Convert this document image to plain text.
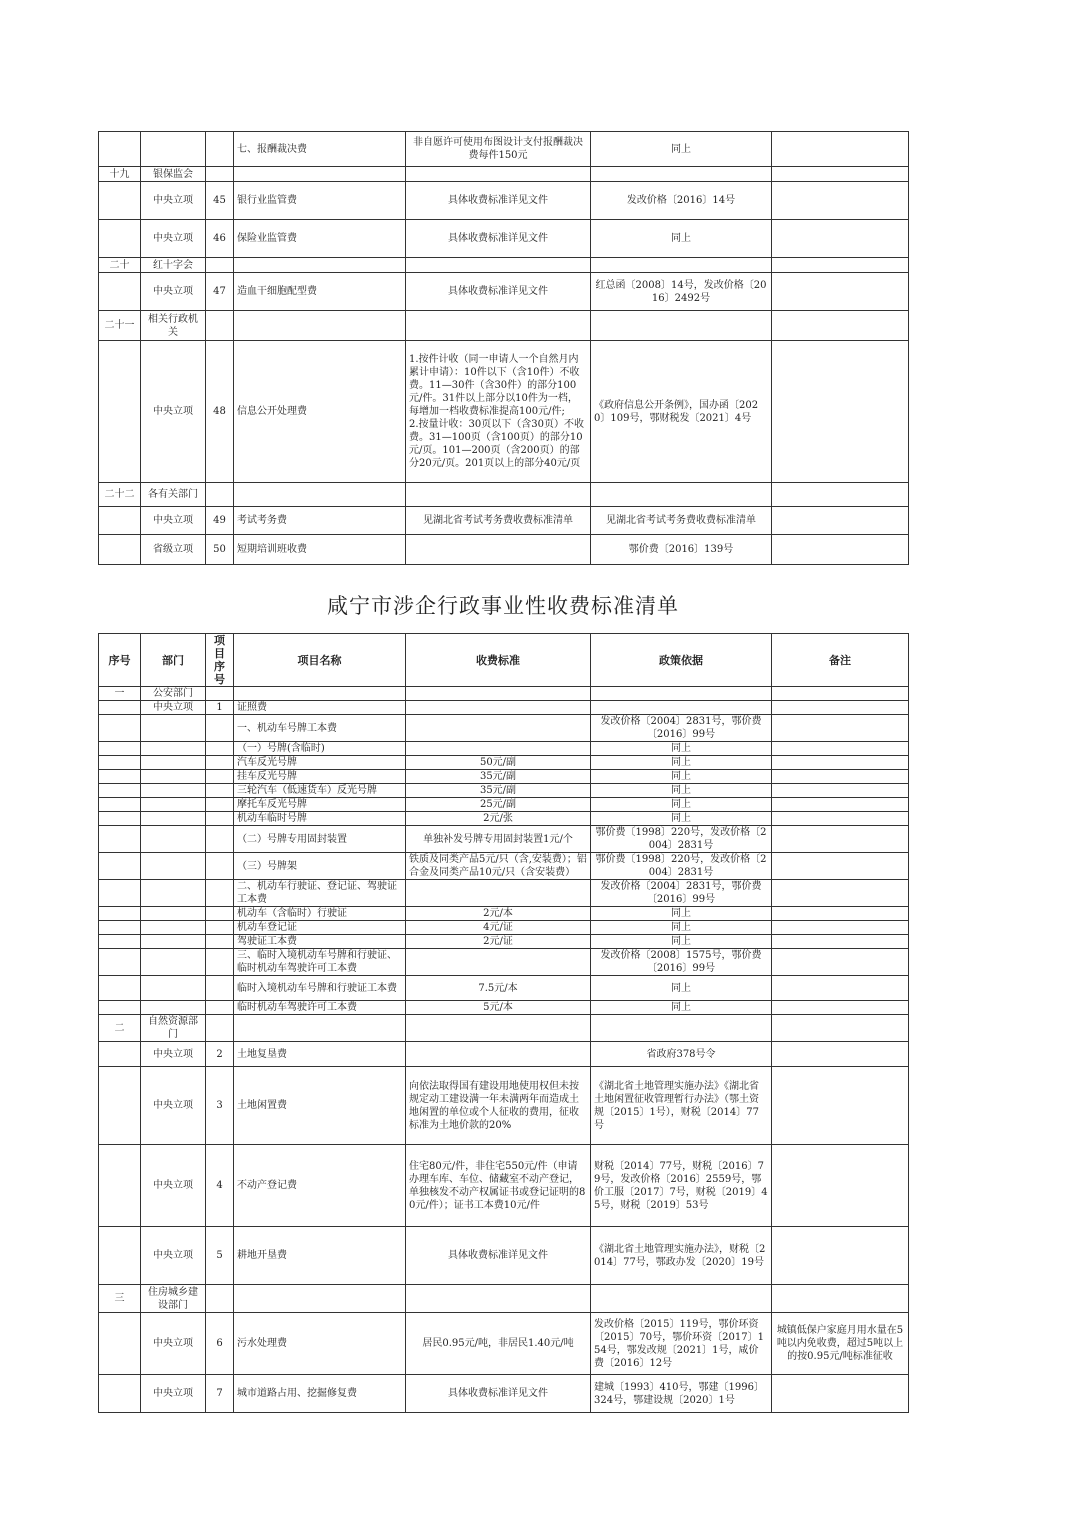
			七、报酬裁决费	非自愿许可使用布图设计支付报酬裁决费每件150元	同上	
十九	银保监会					
	中央立项	45	银行业监管费	具体收费标准详见文件	发改价格〔2016〕14号	
	中央立项	46	保险业监管费	具体收费标准详见文件	同上	
二十	红十字会					
	中央立项	47	造血干细胞配型费	具体收费标准详见文件	红总函〔2008〕14号，发改价格〔2016〕2492号	
二十一	相关行政机关					
	中央立项	48	信息公开处理费	1.按件计收（同一申请人一个自然月内累计申请）：10件以下（含10件）不收费。11—30件（含30件）的部分100元/件。31件以上部分以10件为一档，每增加一档收费标准提高100元/件;
2.按量计收：30页以下（含30页）不收费。31—100页（含100页）的部分10元/页。101—200页（含200页）的部分20元/页。201页以上的部分40元/页	《政府信息公开条例》，国办函〔2020〕109号，鄂财税发〔2021〕4号	
二十二	各有关部门					
	中央立项	49	考试考务费	见湖北省考试考务费收费标准清单	见湖北省考试考务费收费标准清单	
	省级立项	50	短期培训班收费		鄂价费〔2016〕139号	
咸宁市涉企行政事业性收费标准清单
序号	部门	项目序号	项目名称	收费标准	政策依据	备注
一	公安部门					
	中央立项	1	证照费			
			一、机动车号牌工本费		发改价格〔2004〕2831号，鄂价费〔2016〕99号	
			（一）号牌(含临时)		同上	
			汽车反光号牌	50元/副	同上	
			挂车反光号牌	35元/副	同上	
			三轮汽车（低速货车）反光号牌	35元/副	同上	
			摩托车反光号牌	25元/副	同上	
			机动车临时号牌	2元/张	同上	
			（二）号牌专用固封装置	单独补发号牌专用固封装置1元/个	鄂价费〔1998〕220号，发改价格〔2004〕2831号	
			（三）号牌架	铁质及同类产品5元/只（含,安装费）；铝合金及同类产品10元/只（含安装费）	鄂价费〔1998〕220号，发改价格〔2004〕2831号	
			二、机动车行驶证、登记证、驾驶证工本费		发改价格〔2004〕2831号，鄂价费〔2016〕99号	
			机动车（含临时）行驶证	2元/本	同上	
			机动车登记证	4元/证	同上	
			驾驶证工本费	2元/证	同上	
			三、临时入境机动车号牌和行驶证、临时机动车驾驶许可工本费		发改价格〔2008〕1575号，鄂价费〔2016〕99号	
			临时入境机动车号牌和行驶证工本费	7.5元/本	同上	
			临时机动车驾驶许可工本费	5元/本	同上	
二	自然资源部门					
	中央立项	2	土地复垦费		省政府378号令	
	中央立项	3	土地闲置费	向依法取得国有建设用地使用权但未按规定动工建设满一年未满两年而造成土地闲置的单位或个人征收的费用，征收标准为土地价款的20%	《湖北省土地管理实施办法》《湖北省土地闲置征收管理暂行办法》（鄂土资规〔2015〕1号），财税〔2014〕77号	
	中央立项	4	不动产登记费	住宅80元/件，非住宅550元/件（申请办理车库、车位、储藏室不动产登记，单独核发不动产权属证书或登记证明的80元/件）；证书工本费10元/件	财税〔2014〕77号，财税〔2016〕79号，发改价格〔2016〕2559号，鄂价工服〔2017〕7号，财税〔2019〕45号，财税〔2019〕53号	
	中央立项	5	耕地开垦费	具体收费标准详见文件	《湖北省土地管理实施办法》，财税〔2014〕77号，鄂政办发〔2020〕19号	
三	住房城乡建设部门					
	中央立项	6	污水处理费	居民0.95元/吨，非居民1.40元/吨	发改价格〔2015〕119号，鄂价环资〔2015〕70号，鄂价环资〔2017〕154号，鄂发改规〔2021〕1号，咸价费〔2016〕12号	城镇低保户家庭月用水量在5吨以内免收费，超过5吨以上的按0.95元/吨标准征收
	中央立项	7	城市道路占用、挖掘修复费	具体收费标准详见文件	建城〔1993〕410号，鄂建〔1996〕324号，鄂建设规〔2020〕1号	
